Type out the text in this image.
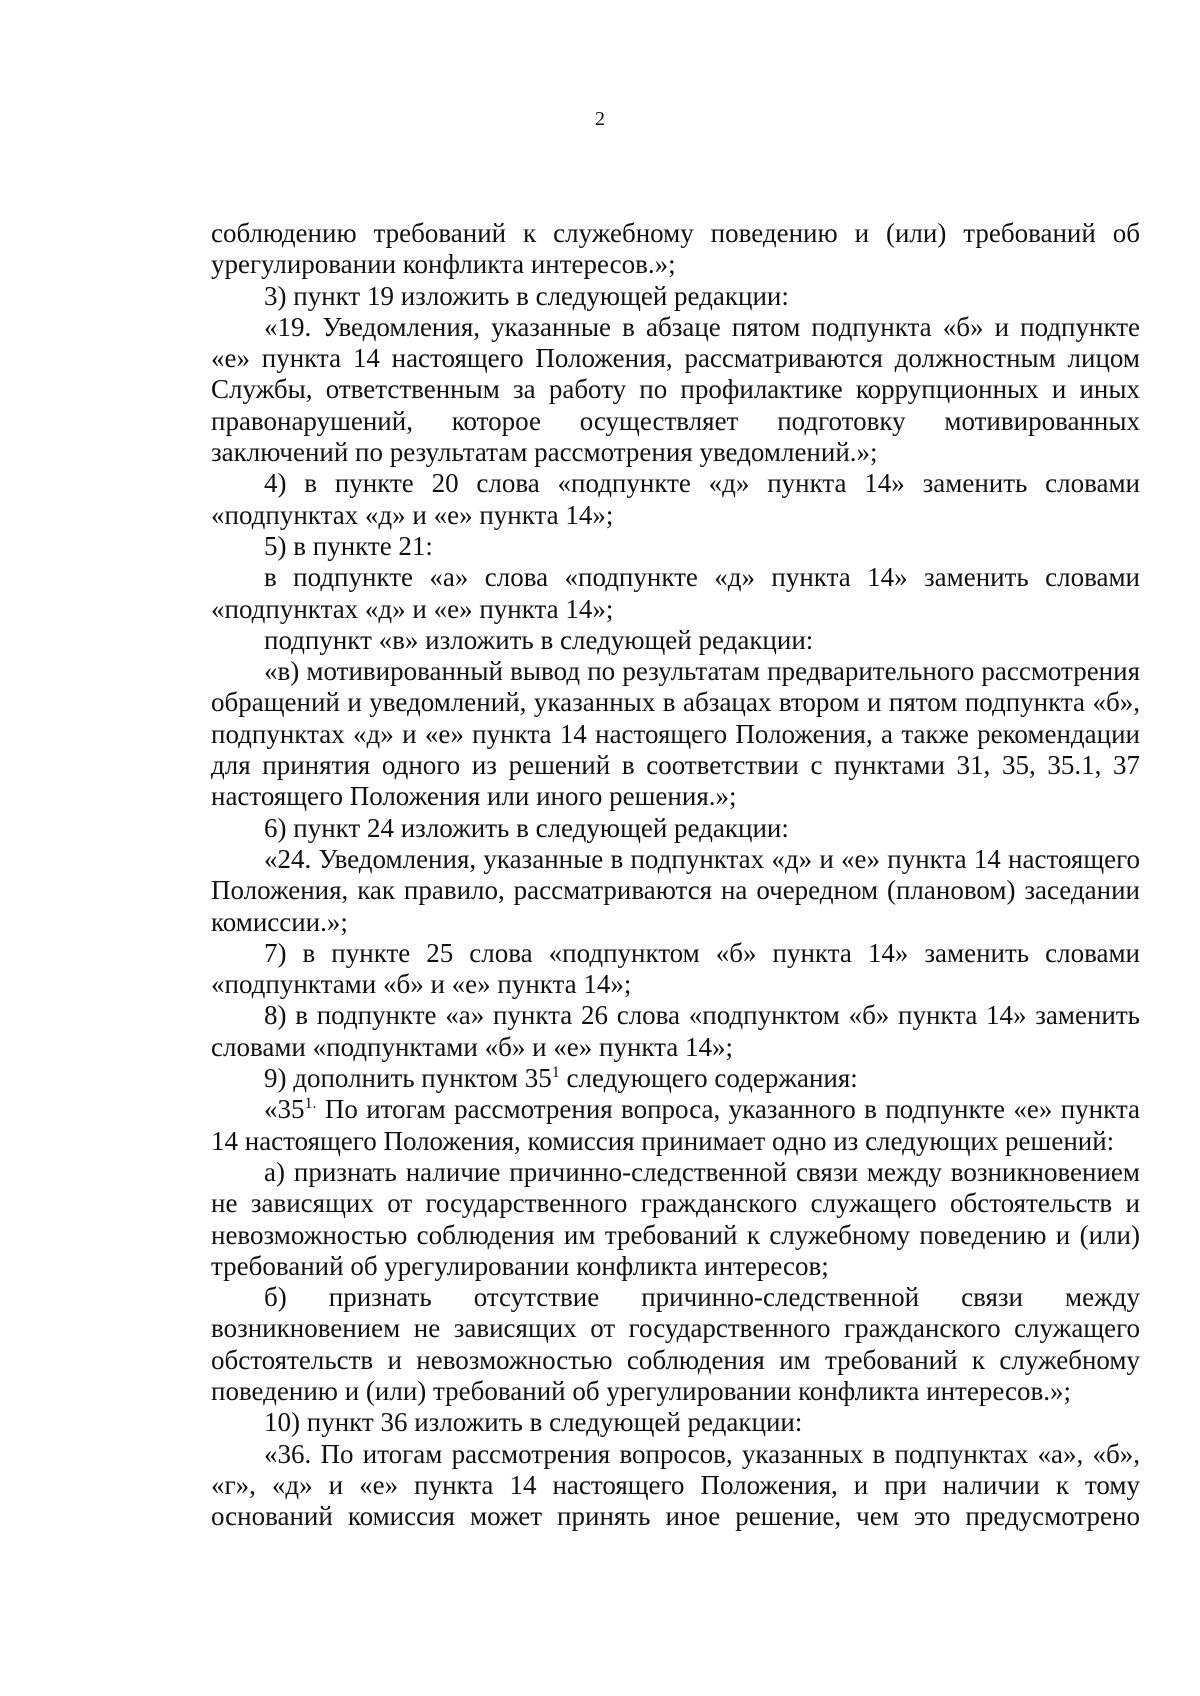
2

соблюдению требований к служебному поведению и (или) требований об урегулировании конфликта интересов.»;

3) пункт 19 изложить в следующей редакции:

«19. Уведомления, указанные в абзаце пятом подпункта «б» и подпункте «е» пункта 14 настоящего Положения, рассматриваются должностным лицом Службы, ответственным за работу по профилактике коррупционных и иных правонарушений, которое осуществляет подготовку мотивированных заключений по результатам рассмотрения уведомлений.»;

4) в пункте 20 слова «подпункте «д» пункта 14» заменить словами «подпунктах «д» и «е» пункта 14»;

5) в пункте 21:

в подпункте «а» слова «подпункте «д» пункта 14» заменить словами «подпунктах «д» и «е» пункта 14»;

подпункт «в» изложить в следующей редакции:

«в) мотивированный вывод по результатам предварительного рассмотрения обращений и уведомлений, указанных в абзацах втором и пятом подпункта «б», подпунктах «д» и «е» пункта 14 настоящего Положения, а также рекомендации для принятия одного из решений в соответствии с пунктами 31, 35, 35.1, 37 настоящего Положения или иного решения.»;

6) пункт 24 изложить в следующей редакции:

«24. Уведомления, указанные в подпунктах «д» и «е» пункта 14 настоящего Положения, как правило, рассматриваются на очередном (плановом) заседании комиссии.»;

7) в пункте 25 слова «подпунктом «б» пункта 14» заменить словами «подпунктами «б» и «е» пункта 14»;

8) в подпункте «а» пункта 26 слова «подпунктом «б» пункта 14» заменить словами «подпунктами «б» и «е» пункта 14»;

9) дополнить пунктом $35^1$ следующего содержания:

«$35^{1.}$ По итогам рассмотрения вопроса, указанного в подпункте «е» пункта 14 настоящего Положения, комиссия принимает одно из следующих решений:

а) признать наличие причинно-следственной связи между возникновением не зависящих от государственного гражданского служащего обстоятельств и невозможностью соблюдения им требований к служебному поведению и (или) требований об урегулировании конфликта интересов;

б) признать отсутствие причинно-следственной связи между возникновением не зависящих от государственного гражданского служащего обстоятельств и невозможностью соблюдения им требований к служебному поведению и (или) требований об урегулировании конфликта интересов.»;

10) пункт 36 изложить в следующей редакции:

«36. По итогам рассмотрения вопросов, указанных в подпунктах «а», «б», «г», «д» и «е» пункта 14 настоящего Положения, и при наличии к тому оснований комиссия может принять иное решение, чем это предусмотрено
